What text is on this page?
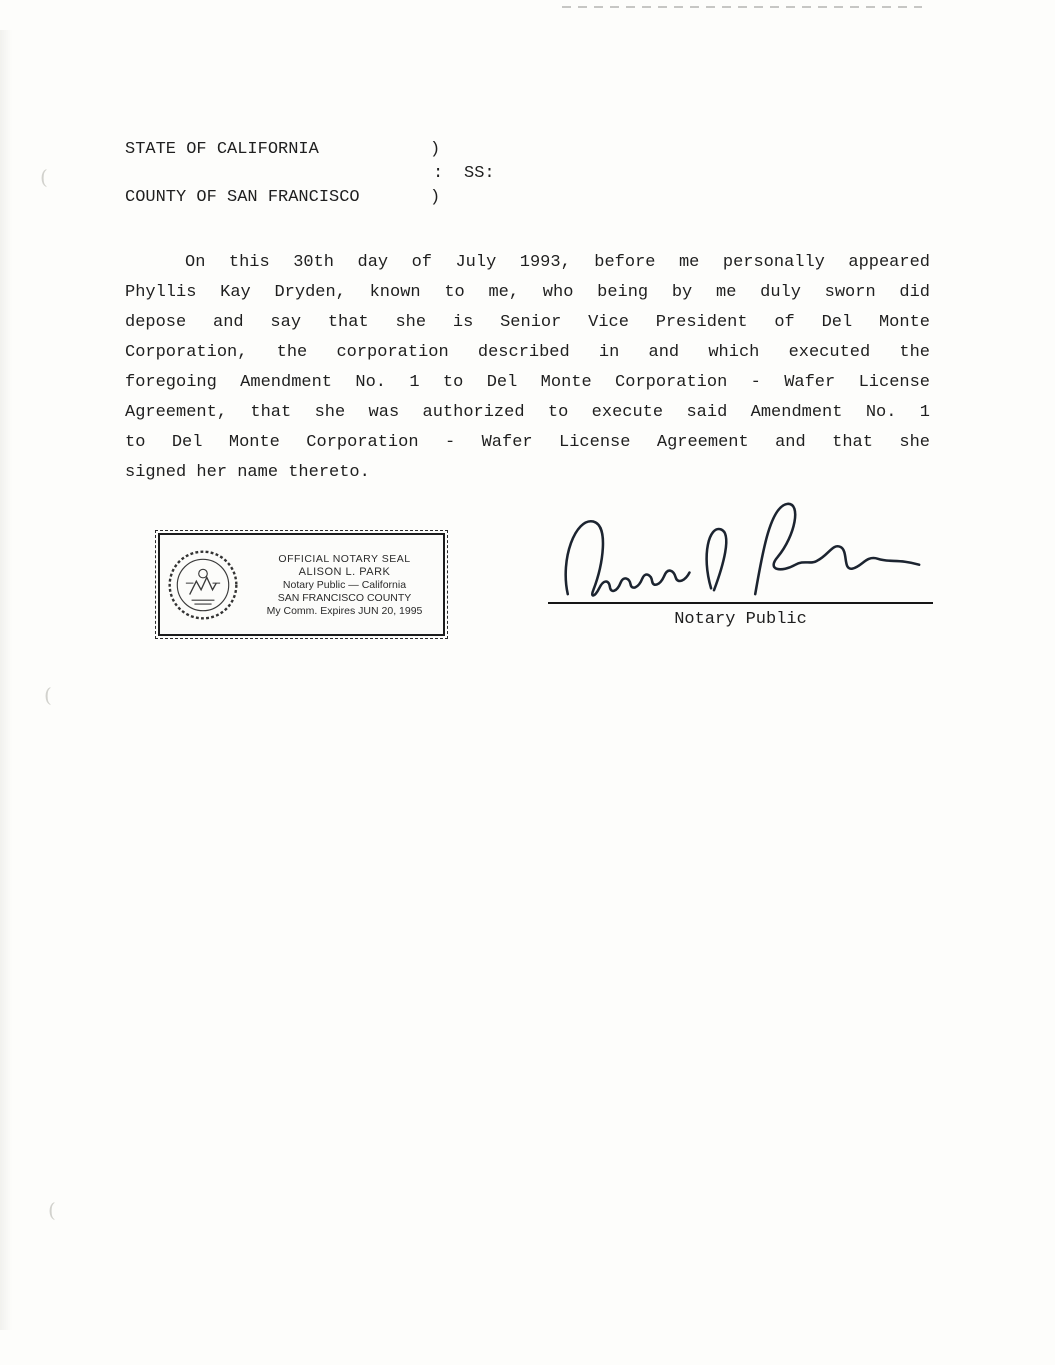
(
(
(
STATE OF CALIFORNIA	)
: SS:
COUNTY OF SAN FRANCISCO	)
On this 30th day of July 1993, before me personally appeared
Phyllis Kay Dryden, known to me, who being by me duly sworn did
depose and say that she is Senior Vice President of Del Monte
Corporation, the corporation described in and which executed the
foregoing Amendment No. 1 to Del Monte Corporation - Wafer License
Agreement, that she was authorized to execute said Amendment No. 1
to Del Monte Corporation - Wafer License Agreement and that she
signed her name thereto.
OFFICIAL NOTARY SEAL
ALISON L. PARK
Notary Public — California
SAN FRANCISCO COUNTY
My Comm. Expires JUN 20, 1995	Notary Public
